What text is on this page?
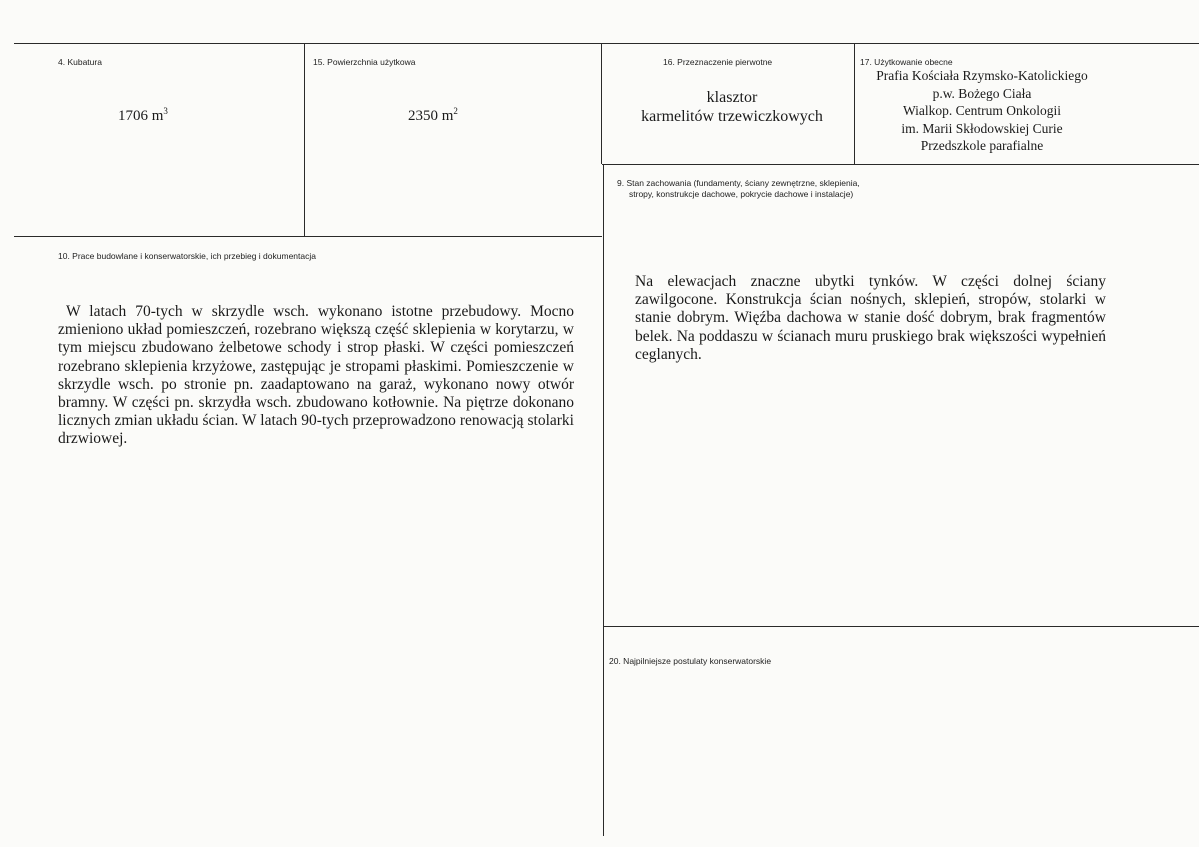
4. Kubatura
1706 $m^3$
15. Powierzchnia użytkowa
2350 $m^2$
16. Przeznaczenie pierwotne
klasztor
karmelitów trzewiczkowych
17. Użytkowanie obecne
Prafia Kościała Rzymsko-Katolickiego
p.w. Bożego Ciała
Wialkop. Centrum Onkologii
im. Marii Skłodowskiej Curie
Przedszkole parafialne
9. Stan zachowania (fundamenty, ściany zewnętrzne, sklepienia,
stropy, konstrukcje dachowe, pokrycie dachowe i instalacje)

Na elewacjach znaczne ubytki tynków. W części dolnej ściany zawilgocone. Konstrukcja ścian nośnych, sklepień, stropów, stolarki w stanie dobrym. Więźba dachowa w stanie dość dobrym, brak fragmentów belek. Na poddaszu w ścianach muru pruskiego brak większości wypełnień ceglanych.

10. Prace budowlane i konserwatorskie, ich przebieg i dokumentacja

W latach 70-tych w skrzydle wsch. wykonano istotne przebudowy. Mocno zmieniono układ pomieszczeń, rozebrano większą część sklepienia w korytarzu, w tym miejscu zbudowano żelbetowe schody i strop płaski. W części pomieszczeń rozebrano sklepienia krzyżowe, zastępując je stropami płaskimi. Pomieszczenie w skrzydle wsch. po stronie pn. zaadaptowano na garaż, wykonano nowy otwór bramny. W części pn. skrzydła wsch. zbudowano kotłownie. Na piętrze dokonano licznych zmian układu ścian. W latach 90-tych przeprowadzono renowacją stolarki drzwiowej.

20. Najpilniejsze postulaty konserwatorskie
